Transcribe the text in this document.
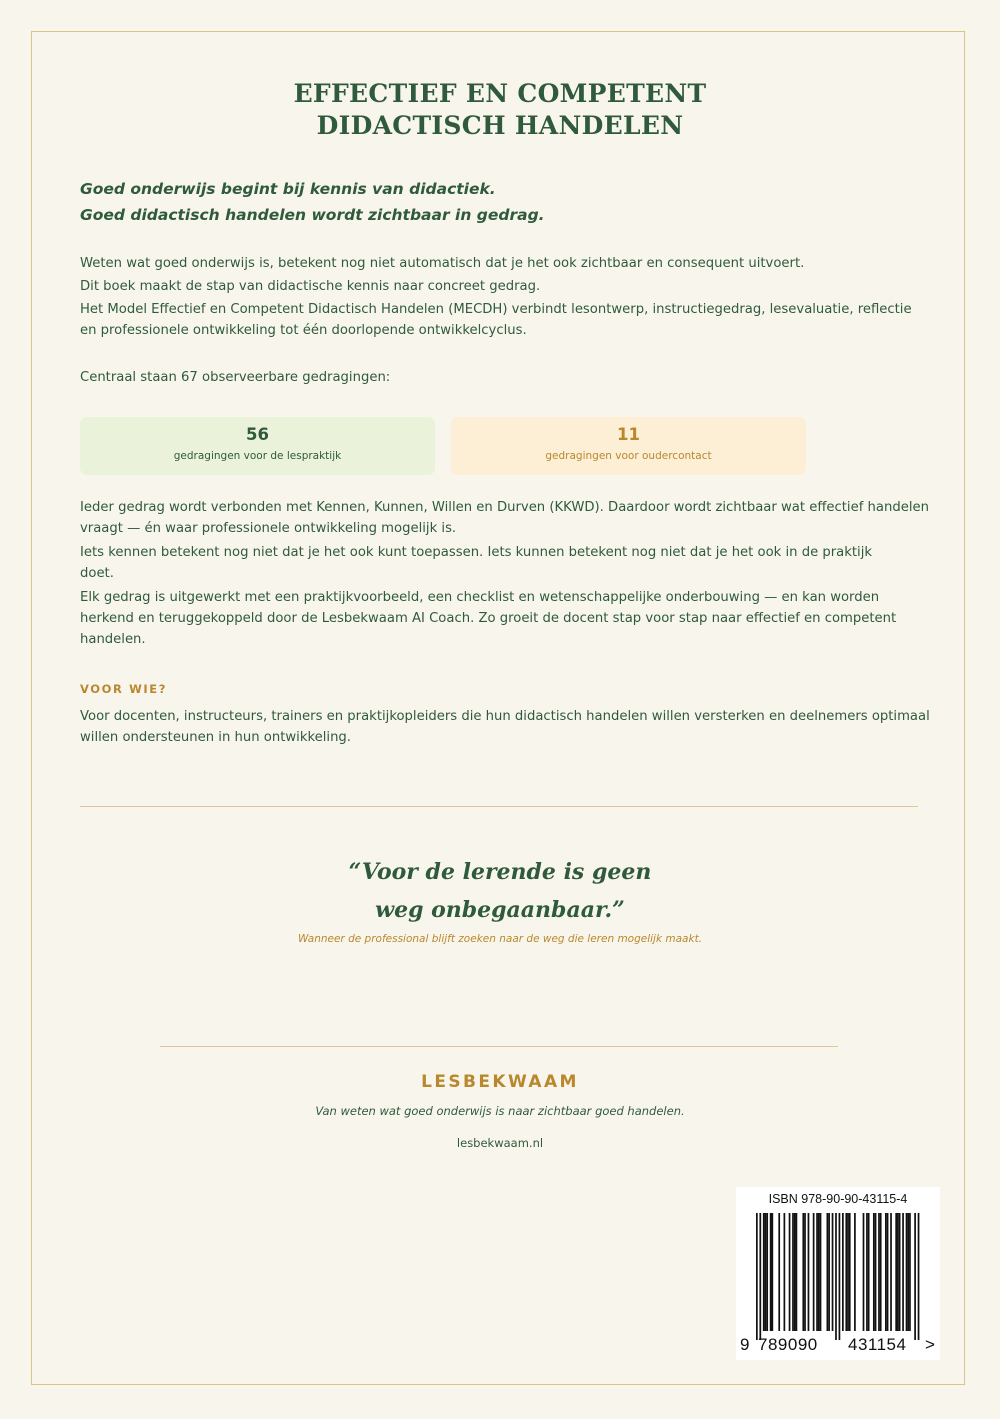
EFFECTIEF EN COMPETENT
DIDACTISCH HANDELEN
Goed onderwijs begint bij kennis van didactiek.
Goed didactisch handelen wordt zichtbaar in gedrag.

Weten wat goed onderwijs is, betekent nog niet automatisch dat je het ook zichtbaar en consequent uitvoert.

Dit boek maakt de stap van didactische kennis naar concreet gedrag.

Het Model Effectief en Competent Didactisch Handelen (MECDH) verbindt lesontwerp, instructiegedrag, lesevaluatie, reflectie en professionele ontwikkeling tot één doorlopende ontwikkelcyclus.

Centraal staan 67 observeerbare gedragingen:
56
gedragingen voor de lespraktijk
11
gedragingen voor oudercontact

Ieder gedrag wordt verbonden met Kennen, Kunnen, Willen en Durven (KKWD). Daardoor wordt zichtbaar wat effectief handelen vraagt — én waar professionele ontwikkeling mogelijk is.

Iets kennen betekent nog niet dat je het ook kunt toepassen. Iets kunnen betekent nog niet dat je het ook in de praktijk doet.

Elk gedrag is uitgewerkt met een praktijkvoorbeeld, een checklist en wetenschappelijke onderbouwing — en kan worden herkend en teruggekoppeld door de Lesbekwaam AI Coach. Zo groeit de docent stap voor stap naar effectief en competent handelen.

VOOR WIE?
Voor docenten, instructeurs, trainers en praktijkopleiders die hun didactisch handelen willen versterken en deelnemers optimaal willen ondersteunen in hun ontwikkeling.
“Voor de lerende is geen
weg onbegaanbaar.”
Wanneer de professional blijft zoeken naar de weg die leren mogelijk maakt.
LESBEKWAAM
Van weten wat goed onderwijs is naar zichtbaar goed handelen.
lesbekwaam.nl
ISBN 978-90-90-43115-4
9 789090 431154 >
